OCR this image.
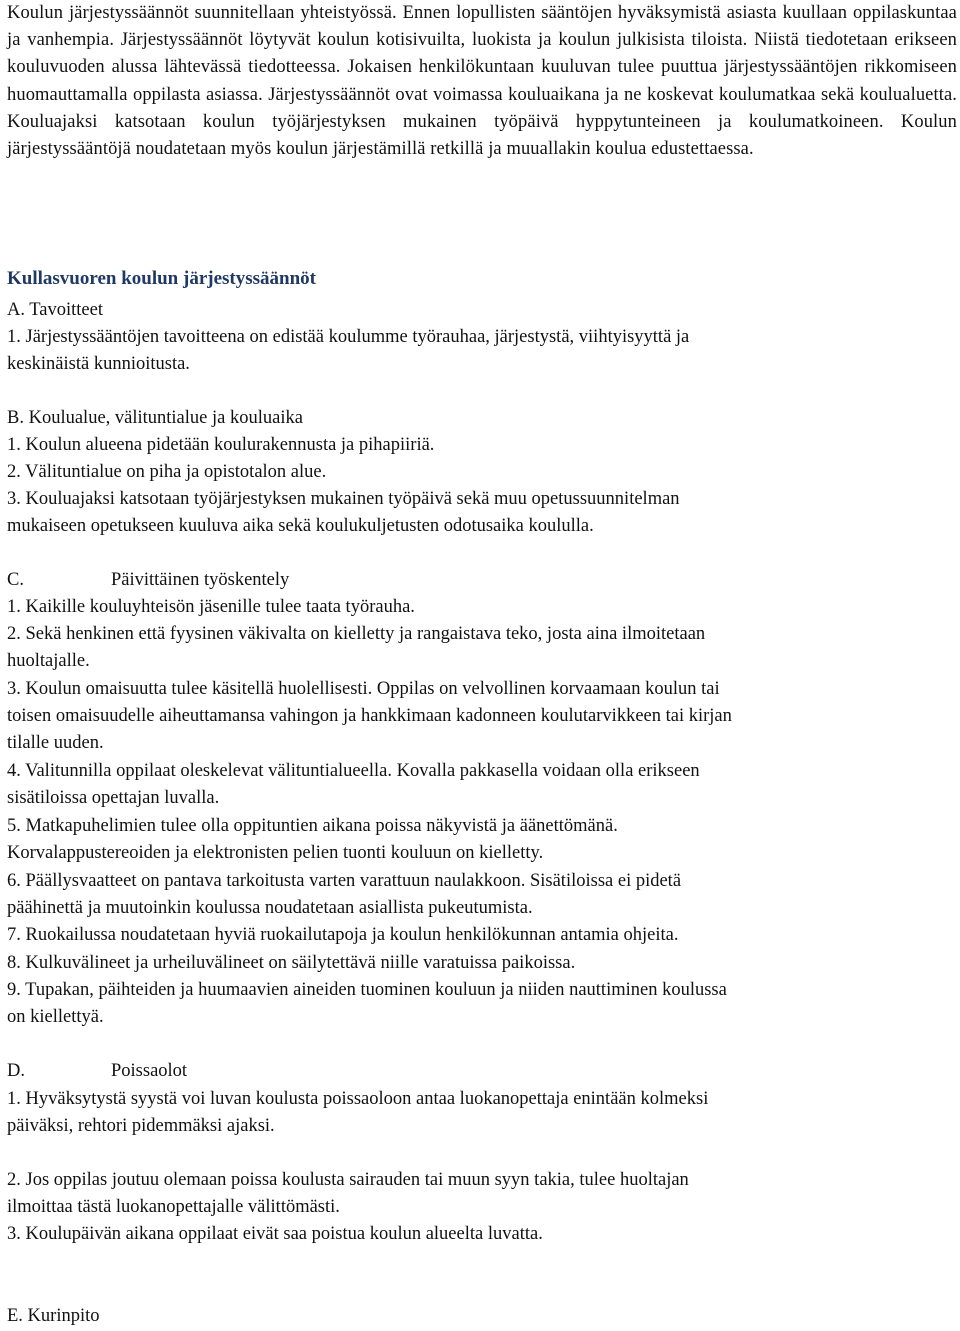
Koulun järjestyssäännöt suunnitellaan yhteistyössä. Ennen lopullisten sääntöjen hyväksymistä asiasta kuullaan oppilaskuntaa ja vanhempia. Järjestyssäännöt löytyvät koulun kotisivuilta, luokista ja koulun julkisista tiloista. Niistä tiedotetaan erikseen kouluvuoden alussa lähtevässä tiedotteessa. Jokaisen henkilökuntaan kuuluvan tulee puuttua järjestyssääntöjen rikkomiseen huomauttamalla oppilasta asiassa. Järjestyssäännöt ovat voimassa kouluaikana ja ne koskevat koulumatkaa sekä koulualuetta. Kouluajaksi katsotaan koulun työjärjestyksen mukainen työpäivä hyppytunteineen ja koulumatkoineen. Koulun järjestyssääntöjä noudatetaan myös koulun järjestämillä retkillä ja muuallakin koulua edustettaessa.

Kullasvuoren koulun järjestyssäännöt

A. Tavoitteet

1. Järjestyssääntöjen tavoitteena on edistää koulumme työrauhaa, järjestystä, viihtyisyyttä ja

keskinäistä kunnioitusta.

B. Koulualue, välituntialue ja kouluaika

1. Koulun alueena pidetään koulurakennusta ja pihapiiriä.

2. Välituntialue on piha ja opistotalon alue.

3. Kouluajaksi katsotaan työjärjestyksen mukainen työpäivä sekä muu opetussuunnitelman

mukaiseen opetukseen kuuluva aika sekä koulukuljetusten odotusaika koululla.

C.	Päivittäinen työskentely

1. Kaikille kouluyhteisön jäsenille tulee taata työrauha.

2. Sekä henkinen että fyysinen väkivalta on kielletty ja rangaistava teko, josta aina ilmoitetaan

huoltajalle.

3. Koulun omaisuutta tulee käsitellä huolellisesti. Oppilas on velvollinen korvaamaan koulun tai

toisen omaisuudelle aiheuttamansa vahingon ja hankkimaan kadonneen koulutarvikkeen tai kirjan

tilalle uuden.

4. Valitunnilla oppilaat oleskelevat välituntialueella. Kovalla pakkasella voidaan olla erikseen

sisätiloissa opettajan luvalla.

5. Matkapuhelimien tulee olla oppituntien aikana poissa näkyvistä ja äänettömänä.

Korvalappustereoiden ja elektronisten pelien tuonti kouluun on kielletty.

6. Päällysvaatteet on pantava tarkoitusta varten varattuun naulakkoon. Sisätiloissa ei pidetä

päähinettä ja muutoinkin koulussa noudatetaan asiallista pukeutumista.

7. Ruokailussa noudatetaan hyviä ruokailutapoja ja koulun henkilökunnan antamia ohjeita.

8. Kulkuvälineet ja urheiluvälineet on säilytettävä niille varatuissa paikoissa.

9. Tupakan, päihteiden ja huumaavien aineiden tuominen kouluun ja niiden nauttiminen koulussa

on kiellettyä.

D.	Poissaolot

1. Hyväksytystä syystä voi luvan koulusta poissaoloon antaa luokanopettaja enintään kolmeksi

päiväksi, rehtori pidemmäksi ajaksi.

2. Jos oppilas joutuu olemaan poissa koulusta sairauden tai muun syyn takia, tulee huoltajan

ilmoittaa tästä luokanopettajalle välittömästi.

3. Koulupäivän aikana oppilaat eivät saa poistua koulun alueelta luvatta.

E. Kurinpito
